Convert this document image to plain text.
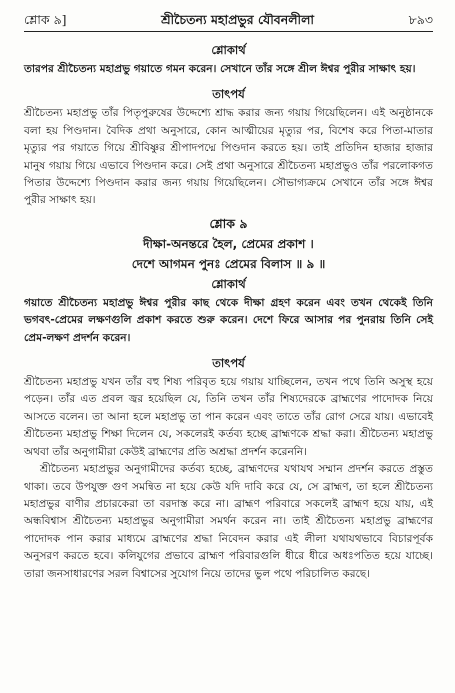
শ্লোক ৯]	শ্রীচৈতন্য মহাপ্রভুর যৌবনলীলা	৮৯৩
শ্লোকার্থ

তারপর শ্রীচৈতন্য মহাপ্রভু গয়াতে গমন করেন। সেখানে তাঁর সঙ্গে শ্রীল ঈশ্বর পুরীর সাক্ষাৎ হয়।

তাৎপর্য

শ্রীচৈতন্য মহাপ্রভু তাঁর পিতৃপুরুষের উদ্দেশ্যে শ্রাদ্ধ করার জন্য গয়ায় গিয়েছিলেন। এই অনুষ্ঠানকে বলা হয় পিণ্ডদান। বৈদিক প্রথা অনুসারে, কোন আত্মীয়ের মৃত্যুর পর, বিশেষ করে পিতা-মাতার মৃত্যুর পর গয়াতে গিয়ে শ্রীবিষ্ণুর শ্রীপাদপদ্মে পিণ্ডদান করতে হয়। তাই প্রতিদিন হাজার হাজার মানুষ গয়ায় গিয়ে এভাবে পিণ্ডদান করে। সেই প্রথা অনুসারে শ্রীচৈতন্য মহাপ্রভুও তাঁর পরলোকগত পিতার উদ্দেশ্যে পিণ্ডদান করার জন্য গয়ায় গিয়েছিলেন। সৌভাগ্যক্রমে সেখানে তাঁর সঙ্গে ঈশ্বর পুরীর সাক্ষাৎ হয়।

শ্লোক ৯

দীক্ষা-অনন্তরে হৈল, প্রেমের প্রকাশ ।

দেশে আগমন পুনঃ প্রেমের বিলাস ॥ ৯ ॥

শ্লোকার্থ

গয়াতে শ্রীচৈতন্য মহাপ্রভু ঈশ্বর পুরীর কাছ থেকে দীক্ষা গ্রহণ করেন এবং তখন থেকেই তিনি ভগবৎ-প্রেমের লক্ষণগুলি প্রকাশ করতে শুরু করেন। দেশে ফিরে আসার পর পুনরায় তিনি সেই প্রেম-লক্ষণ প্রদর্শন করেন।

তাৎপর্য

শ্রীচৈতন্য মহাপ্রভু যখন তাঁর বহু শিষ্য পরিবৃত হয়ে গয়ায় যাচ্ছিলেন, তখন পথে তিনি অসুস্থ হয়ে পড়েন। তাঁর এত প্রবল জ্বর হয়েছিল যে, তিনি তখন তাঁর শিষ্যদেরকে ব্রাহ্মণের পাদোদক নিয়ে আসতে বলেন। তা আনা হলে মহাপ্রভু তা পান করেন এবং তাতে তাঁর রোগ সেরে যায়। এভাবেই শ্রীচৈতন্য মহাপ্রভু শিক্ষা দিলেন যে, সকলেরই কর্তব্য হচ্ছে ব্রাহ্মণকে শ্রদ্ধা করা। শ্রীচৈতন্য মহাপ্রভু অথবা তাঁর অনুগামীরা কেউই ব্রাহ্মণের প্রতি অশ্রদ্ধা প্রদর্শন করেননি।

শ্রীচৈতন্য মহাপ্রভুর অনুগামীদের কর্তব্য হচ্ছে, ব্রাহ্মণদের যথাযথ সম্মান প্রদর্শন করতে প্রস্তুত থাকা। তবে উপযুক্ত গুণ সমন্বিত না হয়ে কেউ যদি দাবি করে যে, সে ব্রাহ্মণ, তা হলে শ্রীচৈতন্য মহাপ্রভুর বাণীর প্রচারকেরা তা বরদাস্ত করে না। ব্রাহ্মণ পরিবারে সকলেই ব্রাহ্মণ হয়ে যায়, এই অন্ধবিশ্বাস শ্রীচৈতন্য মহাপ্রভুর অনুগামীরা সমর্থন করেন না। তাই শ্রীচৈতন্য মহাপ্রভু ব্রাহ্মণের পাদোদক পান করার মাধ্যমে ব্রাহ্মণের শ্রদ্ধা নিবেদন করার এই লীলা যথাযথভাবে বিচারপূর্বক অনুসরণ করতে হবে। কলিযুগের প্রভাবে ব্রাহ্মণ পরিবারগুলি ধীরে ধীরে অধঃপতিত হয়ে যাচ্ছে। তারা জনসাধারণের সরল বিশ্বাসের সুযোগ নিয়ে তাদের ভুল পথে পরিচালিত করছে।
